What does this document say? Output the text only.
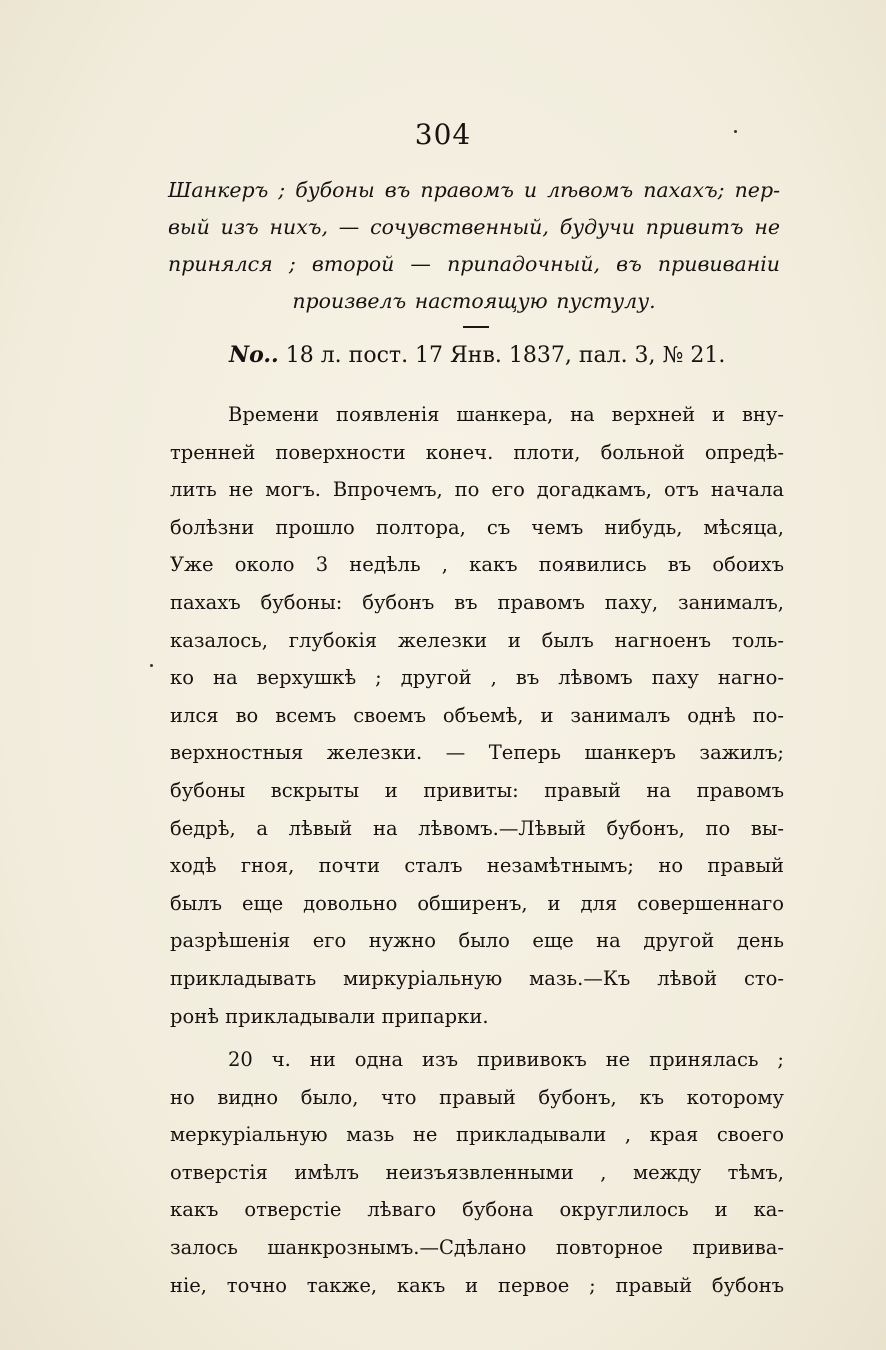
304
Шанкеръ ; бубоны въ правомъ и лѣвомъ пахахъ; пер-
вый изъ нихъ, — сочувственный, будучи привитъ не
принялся ; второй — припадочный, въ прививаніи
произвелъ настоящую пустулу.
No.. 18 л. пост. 17 Янв. 1837, пал. 3, № 21.
Времени появленія шанкера, на верхней и вну-
тренней поверхности конеч. плоти, больной опредѣ-
лить не могъ. Впрочемъ, по его догадкамъ, отъ начала
болѣзни прошло полтора, съ чемъ нибудь, мѣсяца,
Уже около 3 недѣль , какъ появились въ обоихъ
пахахъ бубоны: бубонъ въ правомъ паху, занималъ,
казалось, глубокія железки и былъ нагноенъ толь-
ко на верхушкѣ ; другой , въ лѣвомъ паху нагно-
ился во всемъ своемъ объемѣ, и занималъ однѣ по-
верхностныя железки. — Теперь шанкеръ зажилъ;
бубоны вскрыты и привиты: правый на правомъ
бедрѣ, а лѣвый на лѣвомъ.—Лѣвый бубонъ, по вы-
ходѣ гноя, почти сталъ незамѣтнымъ; но правый
былъ еще довольно обширенъ, и для совершеннаго
разрѣшенія его нужно было еще на другой день
прикладывать миркуріальную мазь.—Къ лѣвой сто-
ронѣ прикладывали припарки.
20 ч. ни одна изъ прививокъ не принялась ;
но видно было, что правый бубонъ, къ которому
меркуріальную мазь не прикладывали , края своего
отверстія имѣлъ неизъязвленными , между тѣмъ,
какъ отверстіе лѣваго бубона округлилось и ка-
залось шанкрознымъ.—Сдѣлано повторное привива-
ніе, точно также, какъ и первое ; правый бубонъ
